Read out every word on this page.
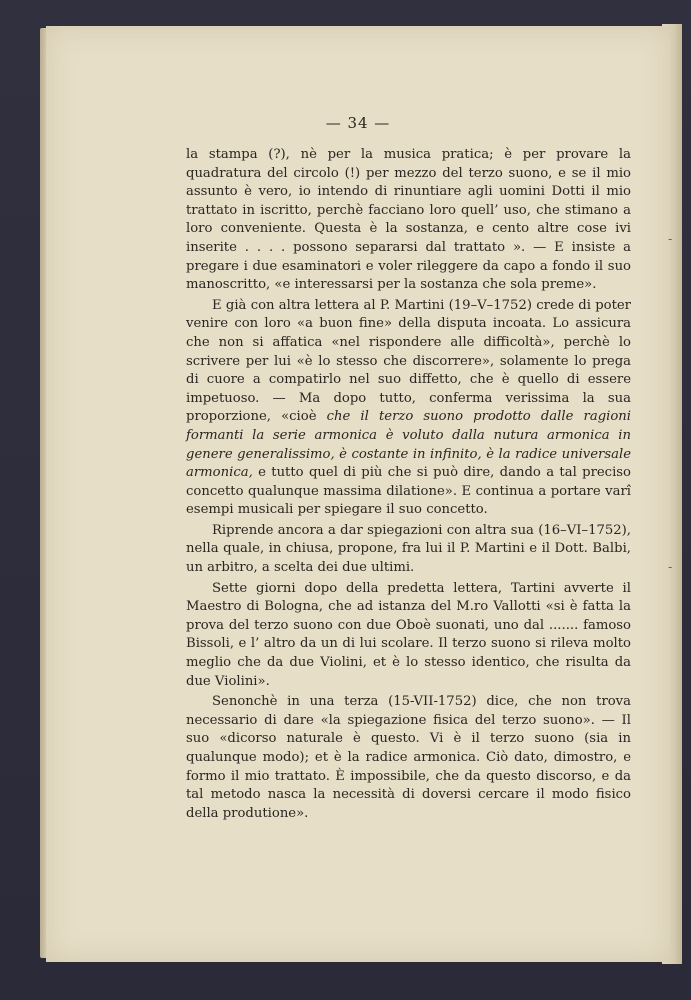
— 34 —

la stampa (?), nè per la musica pratica; è per provare la quadratura del circolo (!) per mezzo del terzo suono, e se il mio assunto è vero, io intendo di rinuntiare agli uomini Dotti il mio trattato in iscritto, perchè facciano loro quell’ uso, che stimano a loro conveniente. Questa è la sostanza, e cento altre cose ivi inserite . . . . possono separarsi dal trattato ». — E insiste a pregare i due esaminatori e voler rileggere da capo a fondo il suo manoscritto, «e interessarsi per la sostanza che sola preme».

E già con altra lettera al P. Martini (19–V–1752) crede di poter venire con loro «a buon fine» della disputa incoata. Lo assicura che non si affatica «nel rispondere alle difficoltà», perchè lo scrivere per lui «è lo stesso che discorrere», solamente lo prega di cuore a compatirlo nel suo diffetto, che è quello di essere impetuoso. — Ma dopo tutto, conferma verissima la sua proporzione, «cioè che il terzo suono prodotto dalle ragioni formanti la serie armonica è voluto dalla nutura armonica in genere generalissimo, è costante in infinito, è la radice universale armonica, e tutto quel di più che si può dire, dando a tal preciso concetto qualunque massima dilatione». E continua a portare varî esempi musicali per spiegare il suo concetto.

Riprende ancora a dar spiegazioni con altra sua (16–VI–1752), nella quale, in chiusa, propone, fra lui il P. Martini e il Dott. Balbi, un arbitro, a scelta dei due ultimi.

Sette giorni dopo della predetta lettera, Tartini avverte il Maestro di Bologna, che ad istanza del M.ro Vallotti «si è fatta la prova del terzo suono con due Oboè suonati, uno dal ....... famoso Bissoli, e l’ altro da un di lui scolare. Il terzo suono si rileva molto meglio che da due Violini, et è lo stesso identico, che risulta da due Violini».

Senonchè in una terza (15-VII-1752) dice, che non trova necessario di dare «la spiegazione fisica del terzo suono». — Il suo «dicorso naturale è questo. Vi è il terzo suono (sia in qualunque modo); et è la radice armonica. Ciò dato, dimostro, e formo il mio trattato. È impossibile, che da questo discorso, e da tal metodo nasca la necessità di doversi cercare il modo fisico della produtione».

-
-
